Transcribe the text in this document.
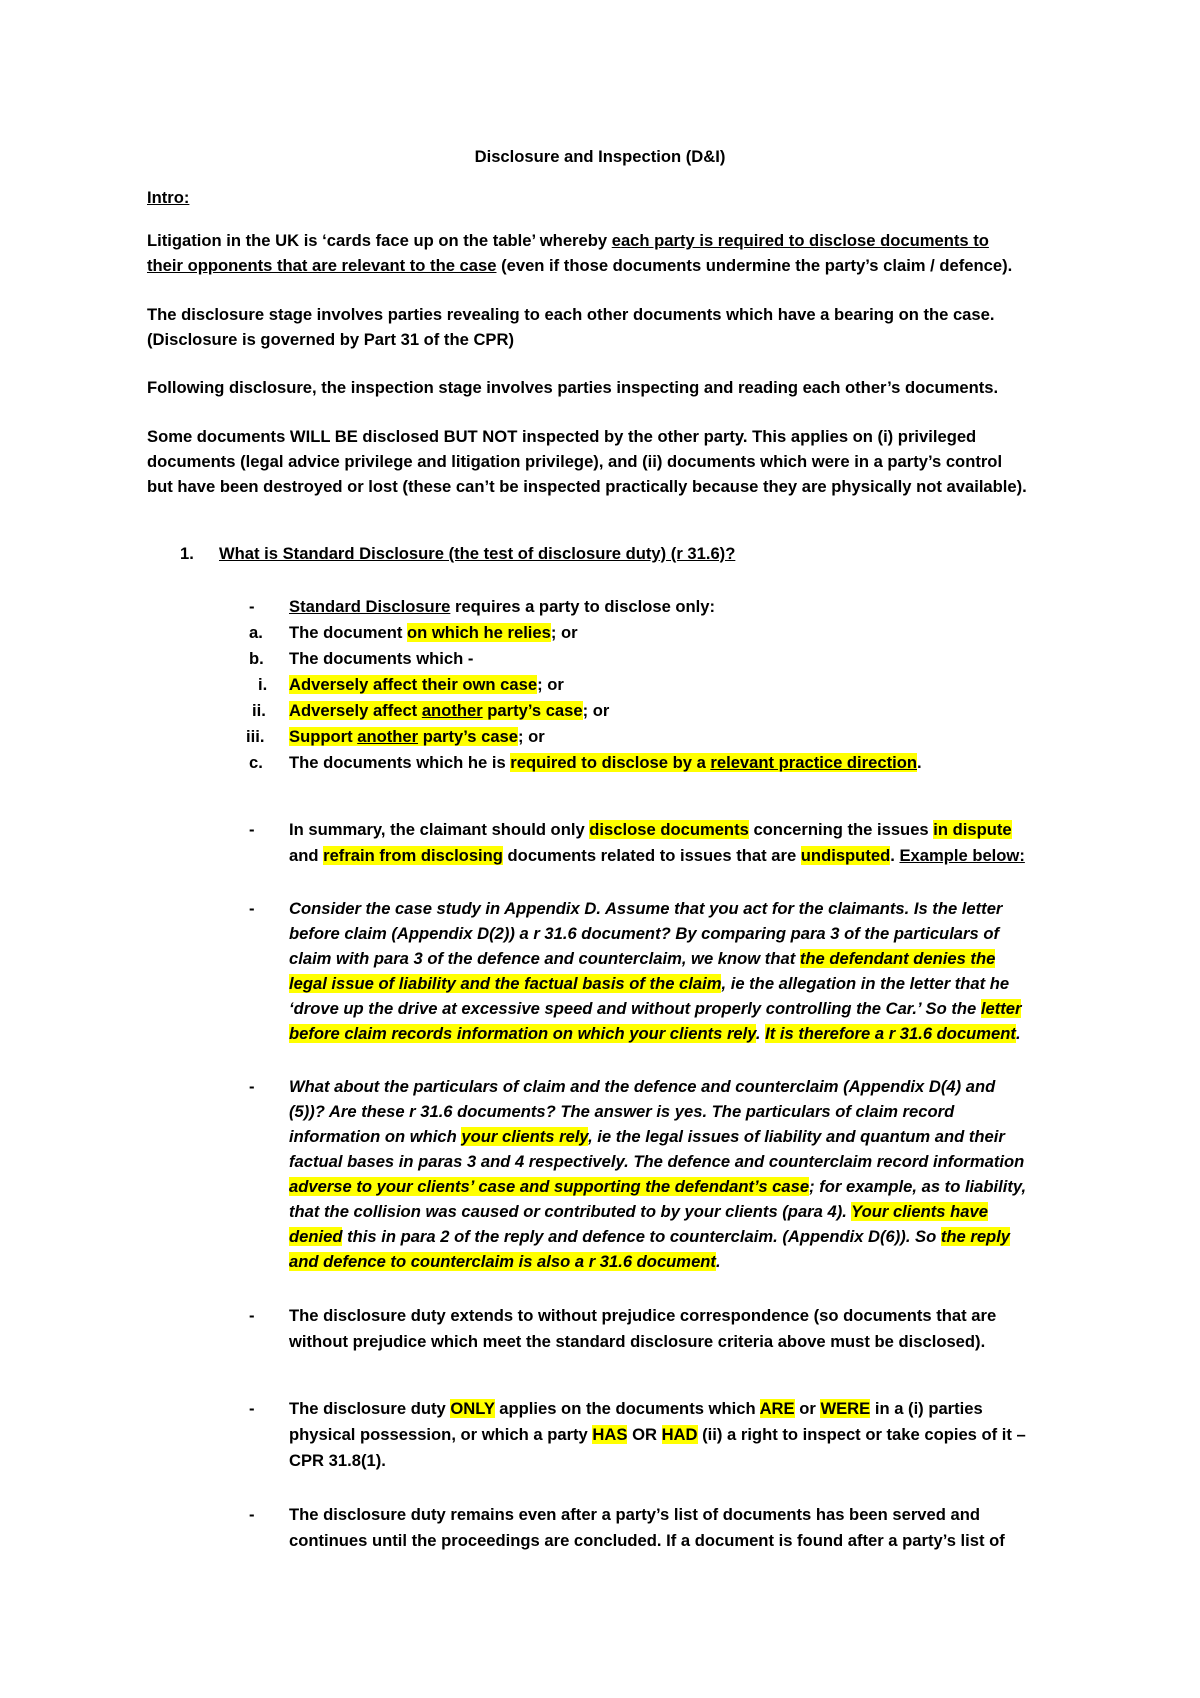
Disclosure and Inspection (D&I)
Intro:
Litigation in the UK is ‘cards face up on the table’ whereby each party is required to disclose documents to
their opponents that are relevant to the case (even if those documents undermine the party’s claim / defence).
The disclosure stage involves parties revealing to each other documents which have a bearing on the case.
(Disclosure is governed by Part 31 of the CPR)
Following disclosure, the inspection stage involves parties inspecting and reading each other’s documents.
Some documents WILL BE disclosed BUT NOT inspected by the other party. This applies on (i) privileged
documents (legal advice privilege and litigation privilege), and (ii) documents which were in a party’s control
but have been destroyed or lost (these can’t be inspected practically because they are physically not available).
1. What is Standard Disclosure (the test of disclosure duty) (r 31.6)?
- Standard Disclosure requires a party to disclose only:
a. The document on which he relies; or
b. The documents which -
i. Adversely affect their own case; or
ii. Adversely affect another party’s case; or
iii. Support another party’s case; or
c. The documents which he is required to disclose by a relevant practice direction.
- In summary, the claimant should only disclose documents concerning the issues in dispute
and refrain from disclosing documents related to issues that are undisputed. Example below:
- Consider the case study in Appendix D. Assume that you act for the claimants. Is the letter
before claim (Appendix D(2)) a r 31.6 document? By comparing para 3 of the particulars of
claim with para 3 of the defence and counterclaim, we know that the defendant denies the
legal issue of liability and the factual basis of the claim, ie the allegation in the letter that he
‘drove up the drive at excessive speed and without properly controlling the Car.’ So the letter
before claim records information on which your clients rely. It is therefore a r 31.6 document.
- What about the particulars of claim and the defence and counterclaim (Appendix D(4) and
(5))? Are these r 31.6 documents? The answer is yes. The particulars of claim record
information on which your clients rely, ie the legal issues of liability and quantum and their
factual bases in paras 3 and 4 respectively. The defence and counterclaim record information
adverse to your clients’ case and supporting the defendant’s case; for example, as to liability,
that the collision was caused or contributed to by your clients (para 4). Your clients have
denied this in para 2 of the reply and defence to counterclaim. (Appendix D(6)). So the reply
and defence to counterclaim is also a r 31.6 document.
- The disclosure duty extends to without prejudice correspondence (so documents that are
without prejudice which meet the standard disclosure criteria above must be disclosed).
- The disclosure duty ONLY applies on the documents which ARE or WERE in a (i) parties
physical possession, or which a party HAS OR HAD (ii) a right to inspect or take copies of it –
CPR 31.8(1).
- The disclosure duty remains even after a party’s list of documents has been served and
continues until the proceedings are concluded. If a document is found after a party’s list of
